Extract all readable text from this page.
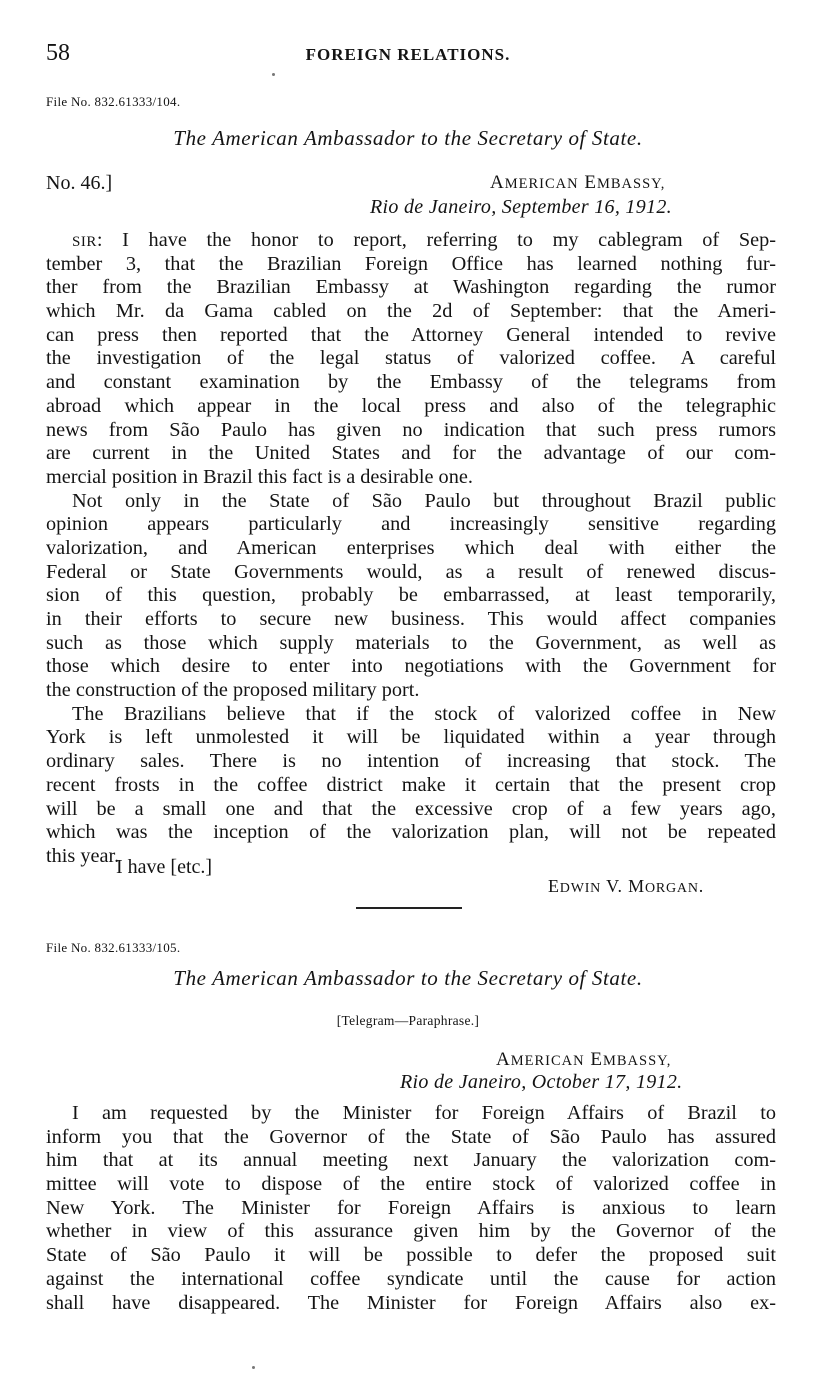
58	FOREIGN RELATIONS.
File No. 832.61333/104.
The American Ambassador to the Secretary of State.
No. 46.]	AMERICAN EMBASSY,
Rio de Janeiro, September 16, 1912.
SIR: I have the honor to report, referring to my cablegram of Sep-
tember 3, that the Brazilian Foreign Office has learned nothing fur-
ther from the Brazilian Embassy at Washington regarding the rumor
which Mr. da Gama cabled on the 2d of September: that the Ameri-
can press then reported that the Attorney General intended to revive
the investigation of the legal status of valorized coffee. A careful
and constant examination by the Embassy of the telegrams from
abroad which appear in the local press and also of the telegraphic
news from São Paulo has given no indication that such press rumors
are current in the United States and for the advantage of our com-
mercial position in Brazil this fact is a desirable one.
Not only in the State of São Paulo but throughout Brazil public
opinion appears particularly and increasingly sensitive regarding
valorization, and American enterprises which deal with either the
Federal or State Governments would, as a result of renewed discus-
sion of this question, probably be embarrassed, at least temporarily,
in their efforts to secure new business. This would affect companies
such as those which supply materials to the Government, as well as
those which desire to enter into negotiations with the Government for
the construction of the proposed military port.
The Brazilians believe that if the stock of valorized coffee in New
York is left unmolested it will be liquidated within a year through
ordinary sales. There is no intention of increasing that stock. The
recent frosts in the coffee district make it certain that the present crop
will be a small one and that the excessive crop of a few years ago,
which was the inception of the valorization plan, will not be repeated
this year.
I have [etc.]
EDWIN V. MORGAN.
File No. 832.61333/105.
The American Ambassador to the Secretary of State.
[Telegram—Paraphrase.]
AMERICAN EMBASSY,
Rio de Janeiro, October 17, 1912.
I am requested by the Minister for Foreign Affairs of Brazil to
inform you that the Governor of the State of São Paulo has assured
him that at its annual meeting next January the valorization com-
mittee will vote to dispose of the entire stock of valorized coffee in
New York. The Minister for Foreign Affairs is anxious to learn
whether in view of this assurance given him by the Governor of the
State of São Paulo it will be possible to defer the proposed suit
against the international coffee syndicate until the cause for action
shall have disappeared. The Minister for Foreign Affairs also ex-
